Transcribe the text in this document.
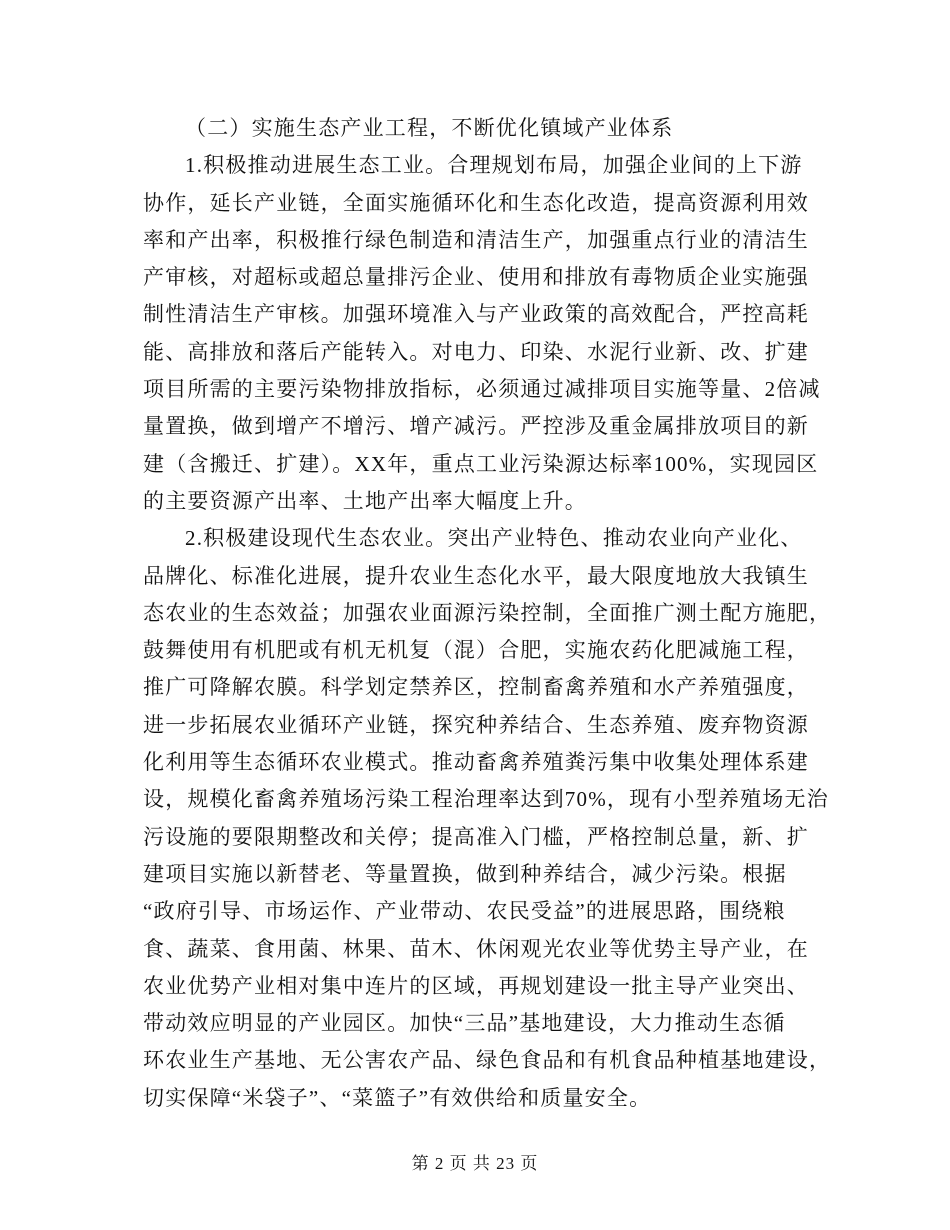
（二）实施生态产业工程，不断优化镇域产业体系
1.积极推动进展生态工业。合理规划布局，加强企业间的上下游
协作，延长产业链，全面实施循环化和生态化改造，提高资源利用效
率和产出率，积极推行绿色制造和清洁生产，加强重点行业的清洁生
产审核，对超标或超总量排污企业、使用和排放有毒物质企业实施强
制性清洁生产审核。加强环境准入与产业政策的高效配合，严控高耗
能、高排放和落后产能转入。对电力、印染、水泥行业新、改、扩建
项目所需的主要污染物排放指标，必须通过减排项目实施等量、2倍减
量置换，做到增产不增污、增产减污。严控涉及重金属排放项目的新
建（含搬迁、扩建）。XX年，重点工业污染源达标率100%，实现园区
的主要资源产出率、土地产出率大幅度上升。
2.积极建设现代生态农业。突出产业特色、推动农业向产业化、
品牌化、标准化进展，提升农业生态化水平，最大限度地放大我镇生
态农业的生态效益；加强农业面源污染控制，全面推广测土配方施肥，
鼓舞使用有机肥或有机无机复（混）合肥，实施农药化肥减施工程，
推广可降解农膜。科学划定禁养区，控制畜禽养殖和水产养殖强度，
进一步拓展农业循环产业链，探究种养结合、生态养殖、废弃物资源
化利用等生态循环农业模式。推动畜禽养殖粪污集中收集处理体系建
设，规模化畜禽养殖场污染工程治理率达到70%，现有小型养殖场无治
污设施的要限期整改和关停；提高准入门槛，严格控制总量，新、扩
建项目实施以新替老、等量置换，做到种养结合，减少污染。根据
“政府引导、市场运作、产业带动、农民受益”的进展思路，围绕粮
食、蔬菜、食用菌、林果、苗木、休闲观光农业等优势主导产业，在
农业优势产业相对集中连片的区域，再规划建设一批主导产业突出、
带动效应明显的产业园区。加快“三品”基地建设，大力推动生态循
环农业生产基地、无公害农产品、绿色食品和有机食品种植基地建设，
切实保障“米袋子”、“菜篮子”有效供给和质量安全。
第 2 页 共 23 页
